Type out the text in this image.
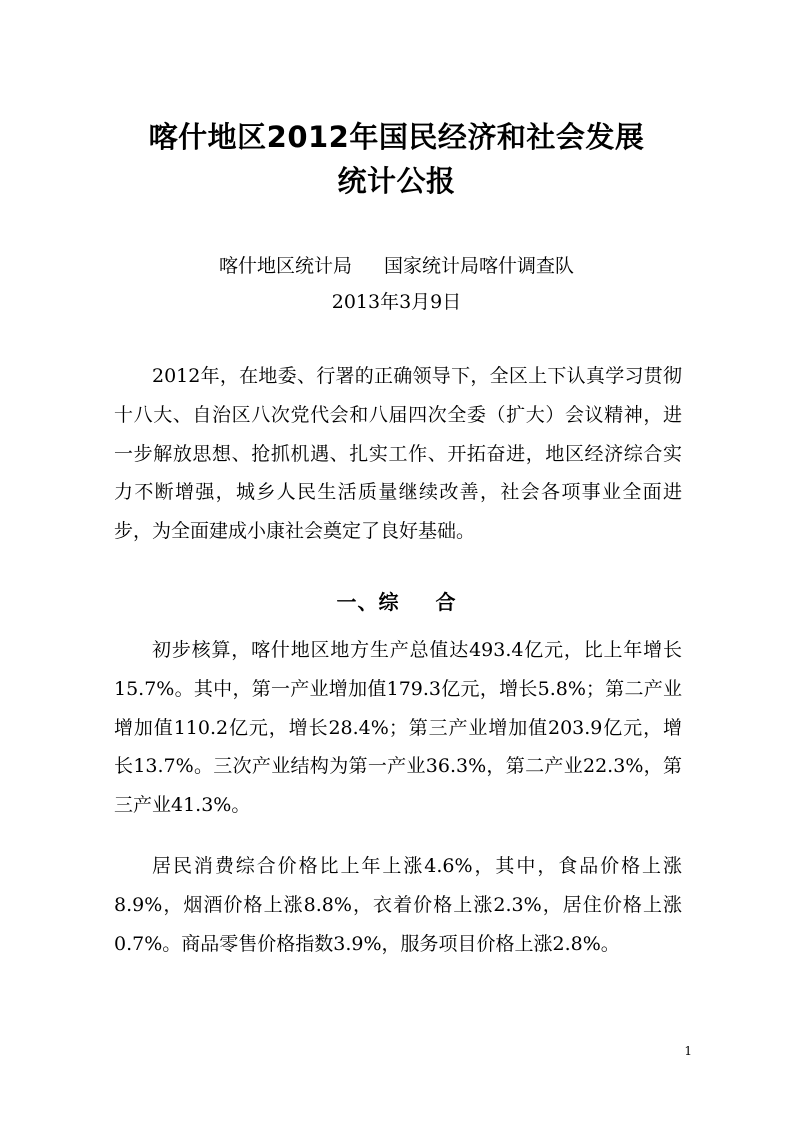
喀什地区2012年国民经济和社会发展
统计公报
喀什地区统计局 国家统计局喀什调查队
2013年3月9日

2012年，在地委、行署的正确领导下，全区上下认真学习贯彻十八大、自治区八次党代会和八届四次全委（扩大）会议精神，进一步解放思想、抢抓机遇、扎实工作、开拓奋进，地区经济综合实力不断增强，城乡人民生活质量继续改善，社会各项事业全面进步，为全面建成小康社会奠定了良好基础。

一、综 合

初步核算，喀什地区地方生产总值达493.4亿元，比上年增长15.7%。其中，第一产业增加值179.3亿元，增长5.8%；第二产业增加值110.2亿元，增长28.4%；第三产业增加值203.9亿元，增长13.7%。三次产业结构为第一产业36.3%，第二产业22.3%，第三产业41.3%。

居民消费综合价格比上年上涨4.6%，其中，食品价格上涨8.9%，烟酒价格上涨8.8%，衣着价格上涨2.3%，居住价格上涨0.7%。商品零售价格指数3.9%，服务项目价格上涨2.8%。

1
